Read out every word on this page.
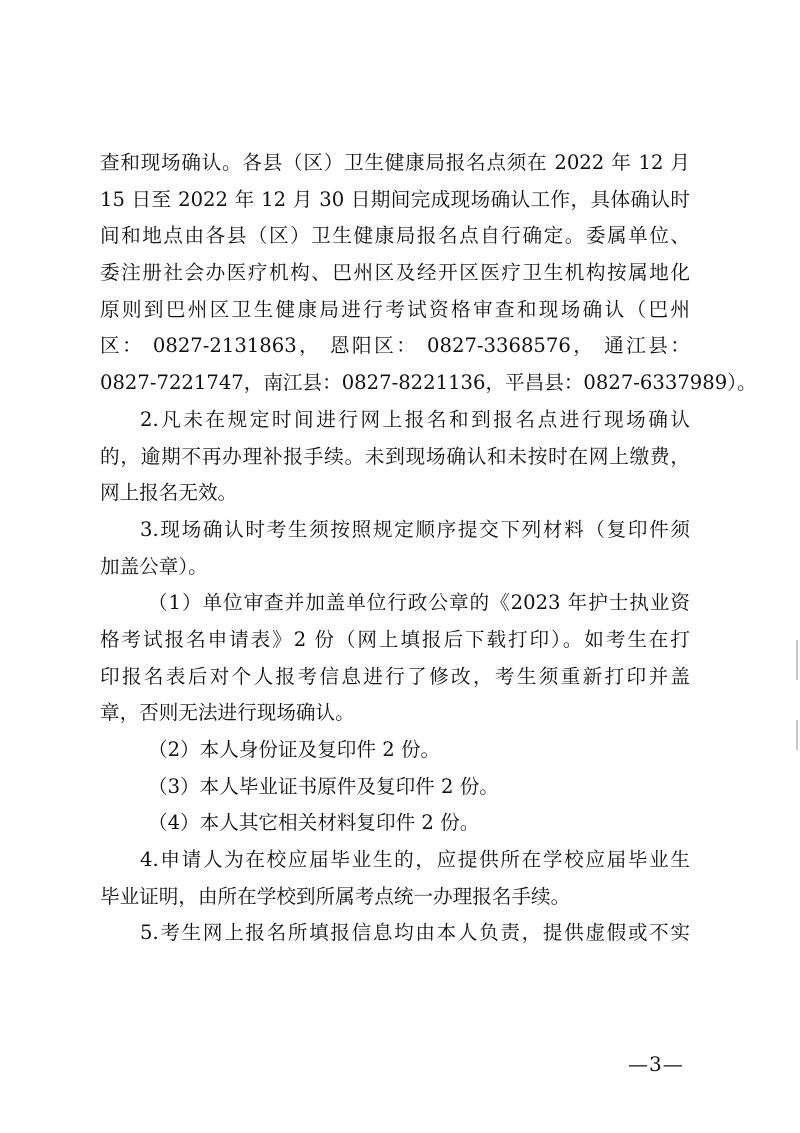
查和现场确认。各县（区）卫生健康局报名点须在 2022 年 12 月
15 日至 2022 年 12 月 30 日期间完成现场确认工作，具体确认时
间和地点由各县（区）卫生健康局报名点自行确定。委属单位、
委注册社会办医疗机构、巴州区及经开区医疗卫生机构按属地化
原则到巴州区卫生健康局进行考试资格审查和现场确认（巴州
区： 0827-2131863， 恩阳区： 0827-3368576， 通江县：
0827-7221747，南江县：0827-8221136，平昌县：0827-6337989）。
2.凡未在规定时间进行网上报名和到报名点进行现场确认
的，逾期不再办理补报手续。未到现场确认和未按时在网上缴费，
网上报名无效。
3.现场确认时考生须按照规定顺序提交下列材料（复印件须
加盖公章）。
（1）单位审查并加盖单位行政公章的《2023 年护士执业资
格考试报名申请表》2 份（网上填报后下载打印）。如考生在打
印报名表后对个人报考信息进行了修改，考生须重新打印并盖
章，否则无法进行现场确认。
（2）本人身份证及复印件 2 份。
（3）本人毕业证书原件及复印件 2 份。
（4）本人其它相关材料复印件 2 份。
4.申请人为在校应届毕业生的，应提供所在学校应届毕业生
毕业证明，由所在学校到所属考点统一办理报名手续。
5.考生网上报名所填报信息均由本人负责，提供虚假或不实
—3—
